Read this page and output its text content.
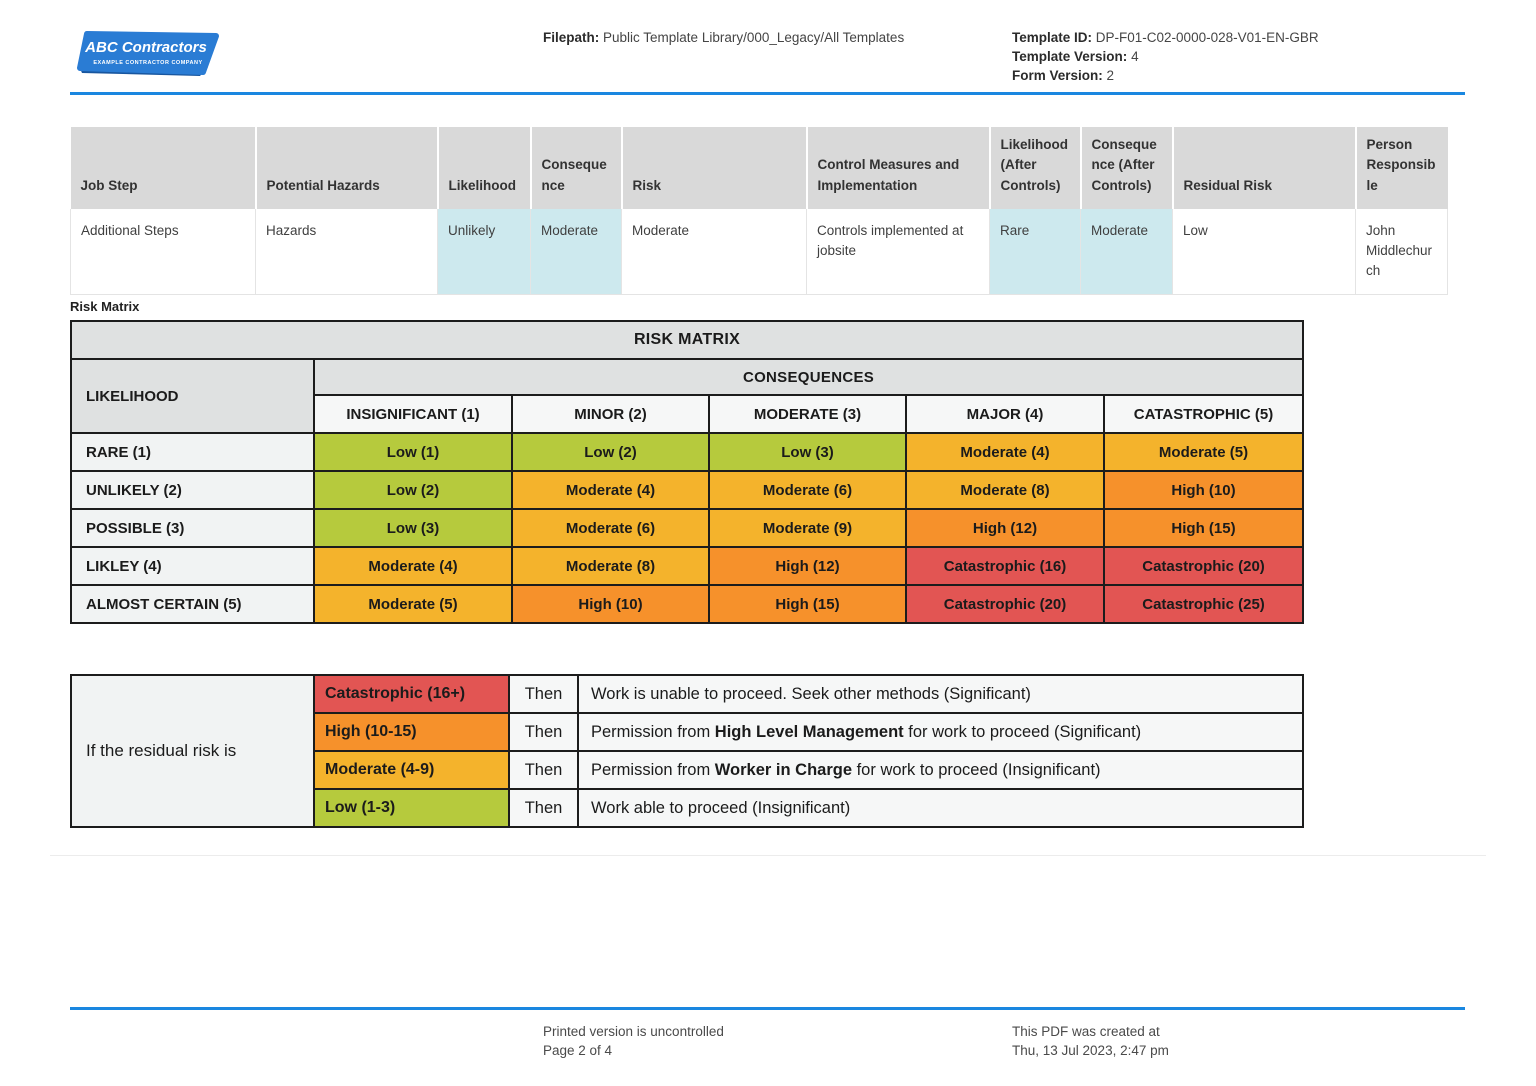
ABC Contractors
EXAMPLE CONTRACTOR COMPANY
Filepath: Public Template Library/000_Legacy/All Templates	Template ID: DP-F01-C02-0000-028-V01-EN-GBR
Template Version: 4
Form Version: 2
Job Step	Potential Hazards	Likelihood	Consequence	Risk	Control Measures and Implementation	Likelihood (After Controls)	Consequence (After Controls)	Residual Risk	Person Responsible
Additional Steps	Hazards	Unlikely	Moderate	Moderate	Controls implemented at jobsite	Rare	Moderate	Low	John Middlechurch
Risk Matrix
RISK MATRIX					
LIKELIHOOD	CONSEQUENCES				
	INSIGNIFICANT (1)	MINOR (2)	MODERATE (3)	MAJOR (4)	CATASTROPHIC (5)
RARE (1)	Low (1)	Low (2)	Low (3)	Moderate (4)	Moderate (5)
UNLIKELY (2)	Low (2)	Moderate (4)	Moderate (6)	Moderate (8)	High (10)
POSSIBLE (3)	Low (3)	Moderate (6)	Moderate (9)	High (12)	High (15)
LIKLEY (4)	Moderate (4)	Moderate (8)	High (12)	Catastrophic (16)	Catastrophic (20)
ALMOST CERTAIN (5)	Moderate (5)	High (10)	High (15)	Catastrophic (20)	Catastrophic (25)
If the residual risk is	Catastrophic (16+)	Then	Work is unable to proceed. Seek other methods (Significant)
	High (10-15)	Then	Permission from High Level Management for work to proceed (Significant)
	Moderate (4-9)	Then	Permission from Worker in Charge for work to proceed (Insignificant)
	Low (1-3)	Then	Work able to proceed (Insignificant)
Printed version is uncontrolled
Page 2 of 4
This PDF was created at
Thu, 13 Jul 2023, 2:47 pm
